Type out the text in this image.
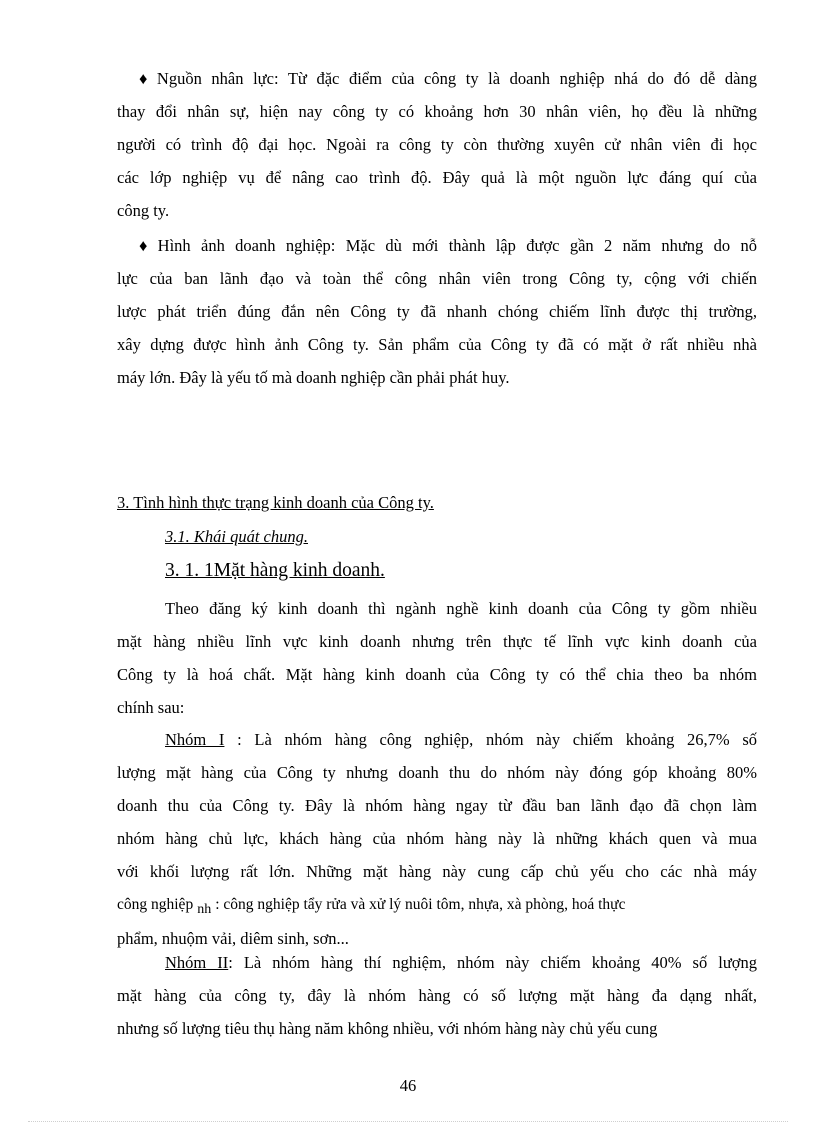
♦ Nguồn nhân lực: Từ đặc điểm của công ty là doanh nghiệp nhá do đó dễ dàng
thay đổi nhân sự, hiện nay công ty có khoảng hơn 30 nhân viên, họ đều là những
người có trình độ đại học. Ngoài ra công ty còn thường xuyên cử nhân viên đi học
các lớp nghiệp vụ để nâng cao trình độ. Đây quả là một nguồn lực đáng quí của
công ty.
♦ Hình ảnh doanh nghiệp: Mặc dù mới thành lập được gần 2 năm nhưng do nỗ
lực của ban lãnh đạo và toàn thể công nhân viên trong Công ty, cộng với chiến
lược phát triển đúng đắn nên Công ty đã nhanh chóng chiếm lĩnh được thị trường,
xây dựng được hình ảnh Công ty. Sản phẩm của Công ty đã có mặt ở rất nhiều nhà
máy lớn. Đây là yếu tố mà doanh nghiệp cần phải phát huy.
3. Tình hình thực trạng kinh doanh của Công ty.
3.1. Khái quát chung.
3. 1. 1Mặt hàng kinh doanh.
Theo đăng ký kinh doanh thì ngành nghề kinh doanh của Công ty gồm nhiều
mặt hàng nhiều lĩnh vực kinh doanh nhưng trên thực tế lĩnh vực kinh doanh của
Công ty là hoá chất. Mặt hàng kinh doanh của Công ty có thể chia theo ba nhóm
chính sau:
Nhóm I : Là nhóm hàng công nghiệp, nhóm này chiếm khoảng 26,7% số
lượng mặt hàng của Công ty nhưng doanh thu do nhóm này đóng góp khoảng 80%
doanh thu của Công ty. Đây là nhóm hàng ngay từ đầu ban lãnh đạo đã chọn làm
nhóm hàng chủ lực, khách hàng của nhóm hàng này là những khách quen và mua
với khối lượng rất lớn. Những mặt hàng này cung cấp chủ yếu cho các nhà máy
công nghiệp nh : công nghiệp tẩy rửa và xử lý nuôi tôm, nhựa, xà phòng, hoá thực
phẩm, nhuộm vải, diêm sinh, sơn...
Nhóm II: Là nhóm hàng thí nghiệm, nhóm này chiếm khoảng 40% số lượng
mặt hàng của công ty, đây là nhóm hàng có số lượng mặt hàng đa dạng nhất,
nhưng số lượng tiêu thụ hàng năm không nhiều, với nhóm hàng này chủ yếu cung
46
